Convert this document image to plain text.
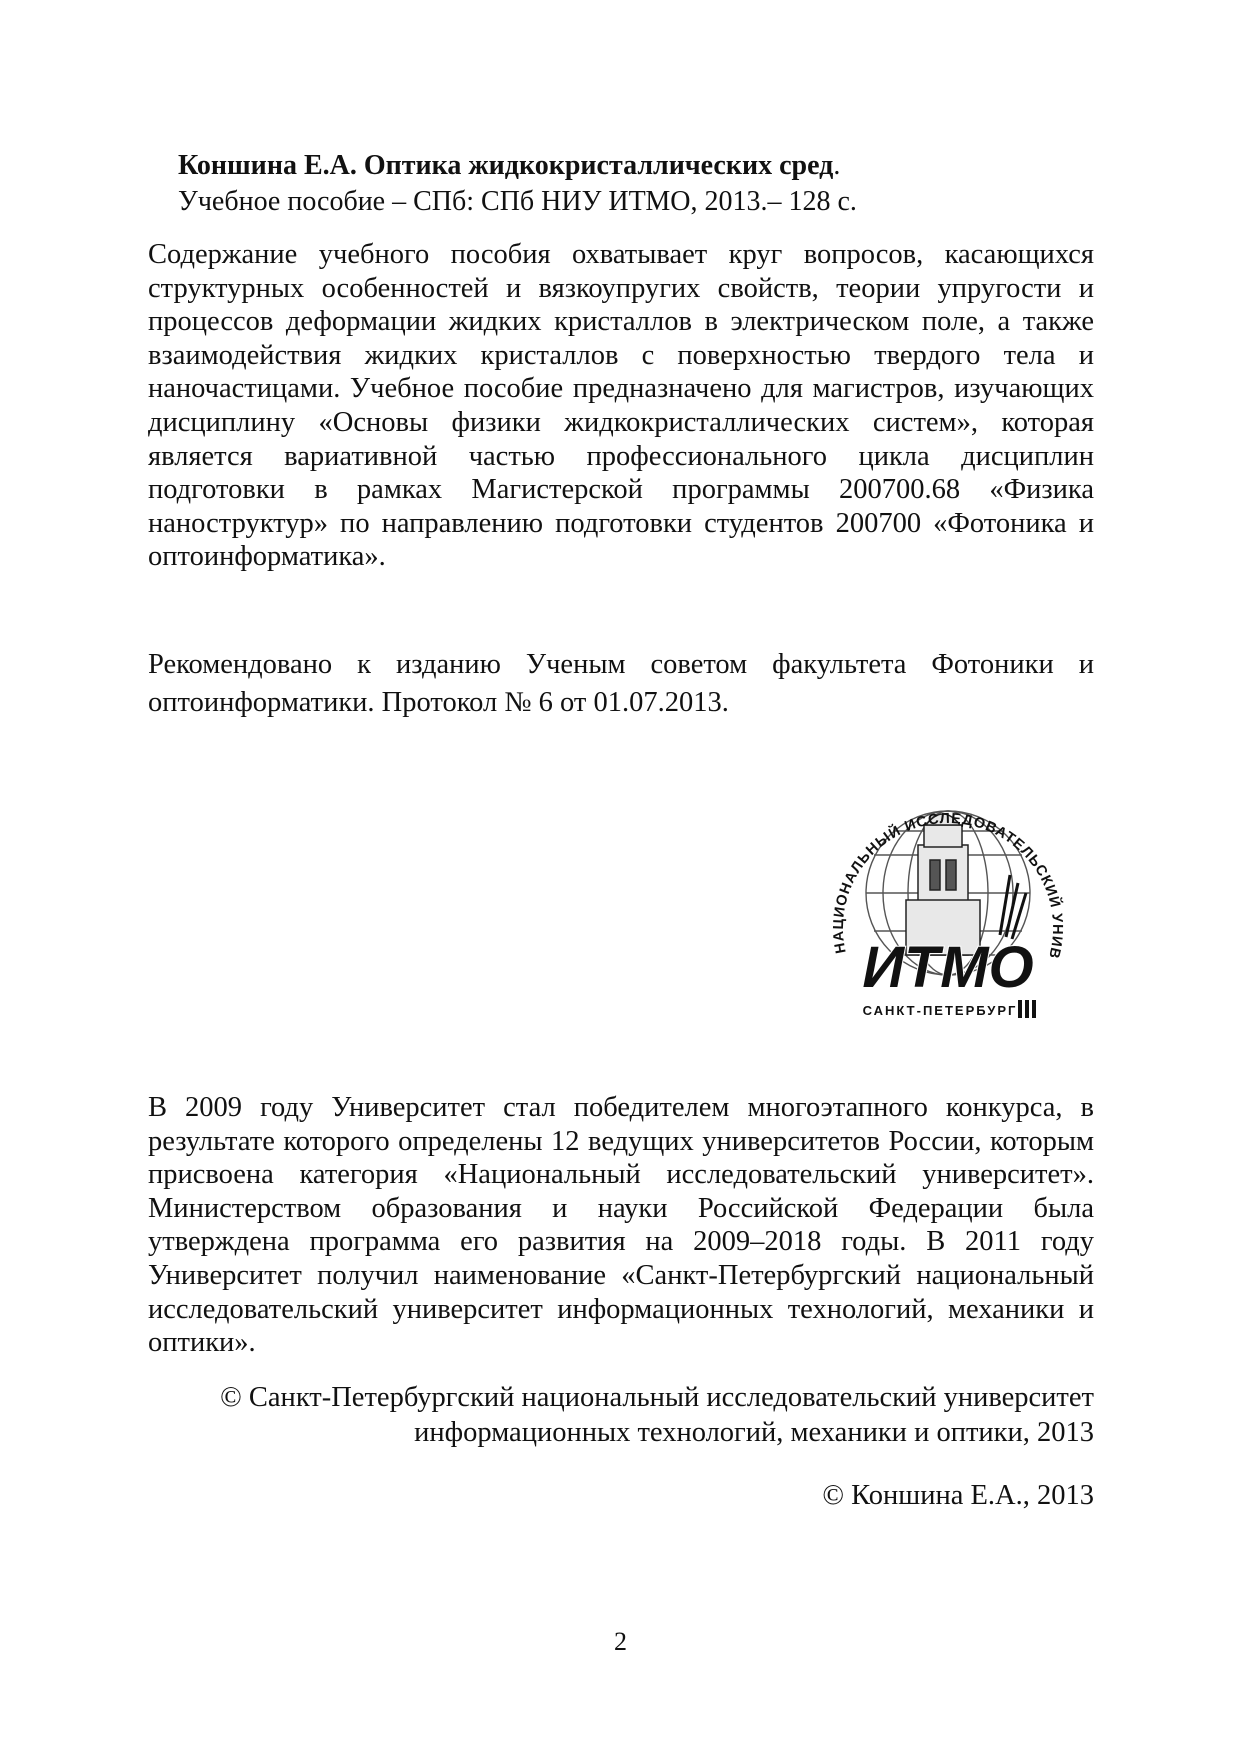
Коншина Е.А. Оптика жидкокристаллических сред.
Учебное пособие – СПб: СПб НИУ ИТМО, 2013.– 128 с.

Содержание учебного пособия охватывает круг вопросов, касающихся структурных особенностей и вязкоупругих свойств, теории упругости и процессов деформации жидких кристаллов в электрическом поле, а также взаимодействия жидких кристаллов с поверхностью твердого тела и наночастицами. Учебное пособие предназначено для магистров, изучающих дисциплину «Основы физики жидкокристаллических систем», которая является вариативной частью профессионального цикла дисциплин подготовки в рамках Магистерской программы 200700.68 «Физика наноструктур» по направлению подготовки студентов 200700 «Фотоника и оптоинформатика».

Рекомендовано к изданию Ученым советом факультета Фотоники и оптоинформатики. Протокол № 6 от 01.07.2013.

НАЦИОНАЛЬНЫЙ ИССЛЕДОВАТЕЛЬСКИЙ УНИВ
ИТМО
САНКТ-ПЕТЕРБУРГ

В 2009 году Университет стал победителем многоэтапного конкурса, в результате которого определены 12 ведущих университетов России, которым присвоена категория «Национальный исследовательский университет». Министерством образования и науки Российской Федерации была утверждена программа его развития на 2009–2018 годы. В 2011 году Университет получил наименование «Санкт-Петербургский национальный исследовательский университет информационных технологий, механики и оптики».

© Санкт-Петербургский национальный исследовательский университет
информационных технологий, механики и оптики, 2013
© Коншина Е.А., 2013
2
